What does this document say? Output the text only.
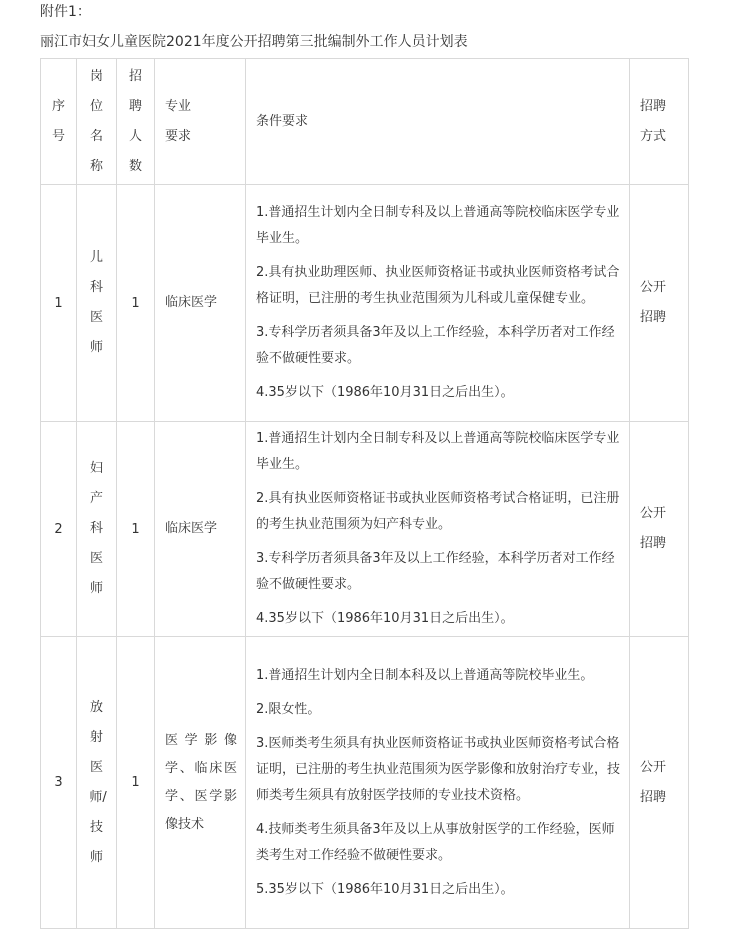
附件1：
丽江市妇女儿童医院2021年度公开招聘第三批编制外工作人员计划表
序号	岗位名称	招聘人数	专业要求	条件要求	招聘方式

1	儿科医师	1	临床医学	1.普通招生计划内全日制专科及以上普通高等院校临床医学专业毕业生。

2.具有执业助理医师、执业医师资格证书或执业医师资格考试合格证明，已注册的考生执业范围须为儿科或儿童保健专业。

3.专科学历者须具备3年及以上工作经验，本科学历者对工作经验不做硬性要求。

4.35岁以下（1986年10月31日之后出生）。	公开招聘

2	妇产科医师	1	临床医学	1.普通招生计划内全日制专科及以上普通高等院校临床医学专业毕业生。

2.具有执业医师资格证书或执业医师资格考试合格证明，已注册的考生执业范围须为妇产科专业。

3.专科学历者须具备3年及以上工作经验，本科学历者对工作经验不做硬性要求。

4.35岁以下（1986年10月31日之后出生）。	公开招聘

3	放射医师/技师	1	医学影像学、临床医学、医学影像技术	1.普通招生计划内全日制本科及以上普通高等院校毕业生。

2.限女性。

3.医师类考生须具有执业医师资格证书或执业医师资格考试合格证明，已注册的考生执业范围须为医学影像和放射治疗专业，技师类考生须具有放射医学技师的专业技术资格。

4.技师类考生须具备3年及以上从事放射医学的工作经验，医师类考生对工作经验不做硬性要求。

5.35岁以下（1986年10月31日之后出生）。	公开招聘
